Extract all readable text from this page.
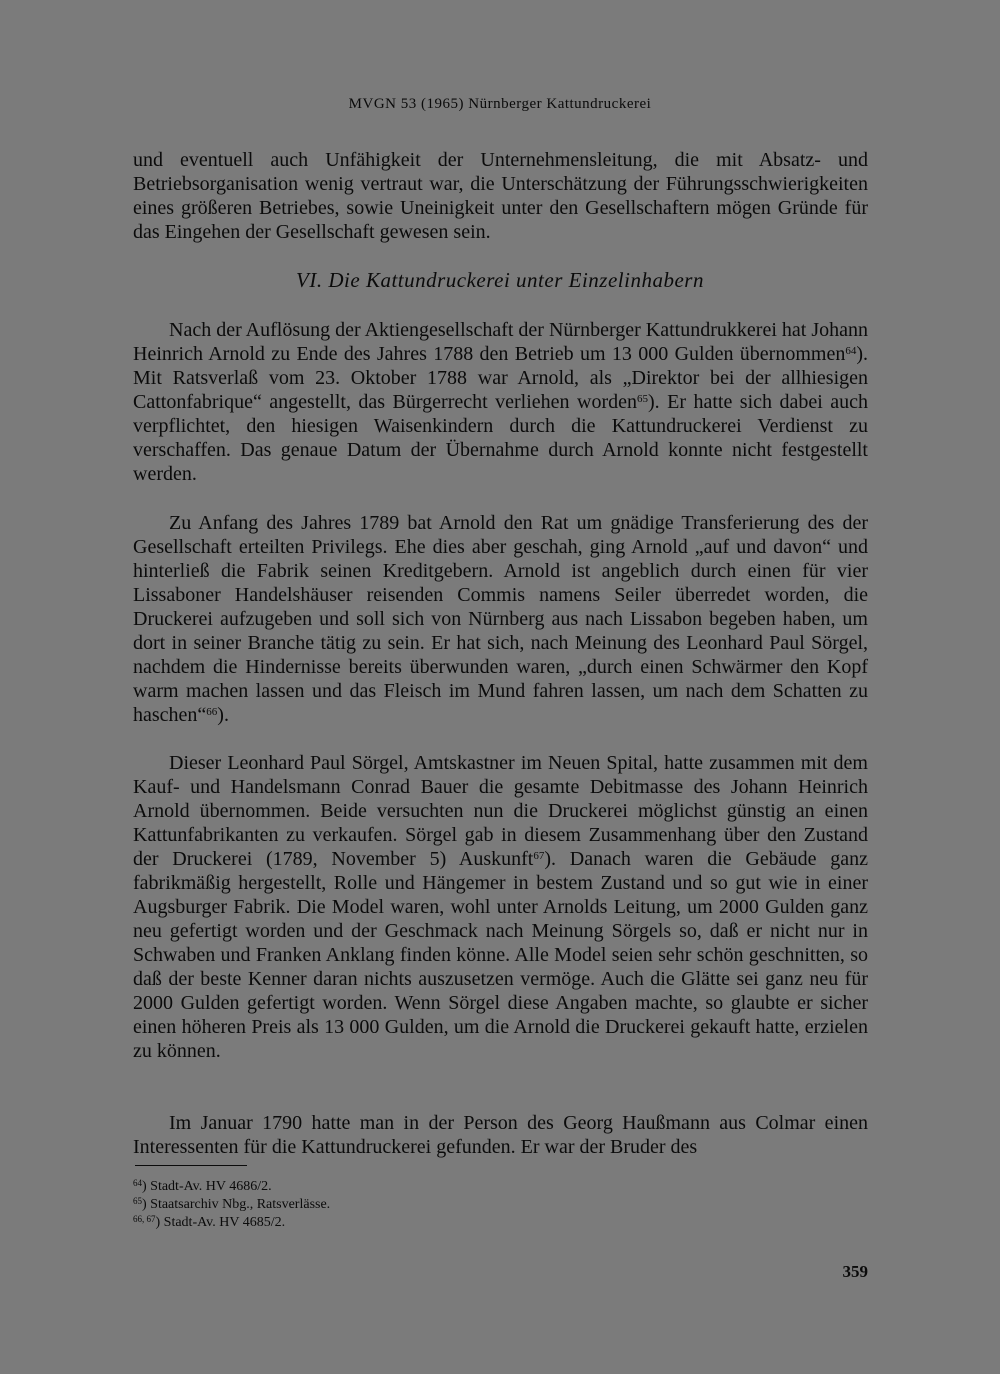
MVGN 53 (1965) Nürnberger Kattundruckerei

und eventuell auch Unfähigkeit der Unternehmensleitung, die mit Absatz- und Betriebsorganisation wenig vertraut war, die Unterschätzung der Führungsschwierigkeiten eines größeren Betriebes, sowie Uneinigkeit unter den Gesellschaftern mögen Gründe für das Eingehen der Gesellschaft gewesen sein.

VI. Die Kattundruckerei unter Einzelinhabern

Nach der Auflösung der Aktiengesellschaft der Nürnberger Kattundrukkerei hat Johann Heinrich Arnold zu Ende des Jahres 1788 den Betrieb um 13 000 Gulden übernommen$^{64}$). Mit Ratsverlaß vom 23. Oktober 1788 war Arnold, als „Direktor bei der allhiesigen Cattonfabrique“ angestellt, das Bürgerrecht verliehen worden$^{65}$). Er hatte sich dabei auch verpflichtet, den hiesigen Waisenkindern durch die Kattundruckerei Verdienst zu verschaffen. Das genaue Datum der Übernahme durch Arnold konnte nicht festgestellt werden.

Zu Anfang des Jahres 1789 bat Arnold den Rat um gnädige Transferierung des der Gesellschaft erteilten Privilegs. Ehe dies aber geschah, ging Arnold „auf und davon“ und hinterließ die Fabrik seinen Kreditgebern. Arnold ist angeblich durch einen für vier Lissaboner Handelshäuser reisenden Commis namens Seiler überredet worden, die Druckerei aufzugeben und soll sich von Nürnberg aus nach Lissabon begeben haben, um dort in seiner Branche tätig zu sein. Er hat sich, nach Meinung des Leonhard Paul Sörgel, nachdem die Hindernisse bereits überwunden waren, „durch einen Schwärmer den Kopf warm machen lassen und das Fleisch im Mund fahren lassen, um nach dem Schatten zu haschen“$^{66}$).

Dieser Leonhard Paul Sörgel, Amtskastner im Neuen Spital, hatte zusammen mit dem Kauf- und Handelsmann Conrad Bauer die gesamte Debitmasse des Johann Heinrich Arnold übernommen. Beide versuchten nun die Druckerei möglichst günstig an einen Kattunfabrikanten zu verkaufen. Sörgel gab in diesem Zusammenhang über den Zustand der Druckerei (1789, November 5) Auskunft$^{67}$). Danach waren die Gebäude ganz fabrikmäßig hergestellt, Rolle und Hängemer in bestem Zustand und so gut wie in einer Augsburger Fabrik. Die Model waren, wohl unter Arnolds Leitung, um 2000 Gulden ganz neu gefertigt worden und der Geschmack nach Meinung Sörgels so, daß er nicht nur in Schwaben und Franken Anklang finden könne. Alle Model seien sehr schön geschnitten, so daß der beste Kenner daran nichts auszusetzen vermöge. Auch die Glätte sei ganz neu für 2000 Gulden gefertigt worden. Wenn Sörgel diese Angaben machte, so glaubte er sicher einen höheren Preis als 13 000 Gulden, um die Arnold die Druckerei gekauft hatte, erzielen zu können.

Im Januar 1790 hatte man in der Person des Georg Haußmann aus Colmar einen Interessenten für die Kattundruckerei gefunden. Er war der Bruder des

$^{64}$) Stadt-Av. HV 4686/2.
$^{65}$) Staatsarchiv Nbg., Ratsverlässe.
$^{66, 67}$) Stadt-Av. HV 4685/2.
359
